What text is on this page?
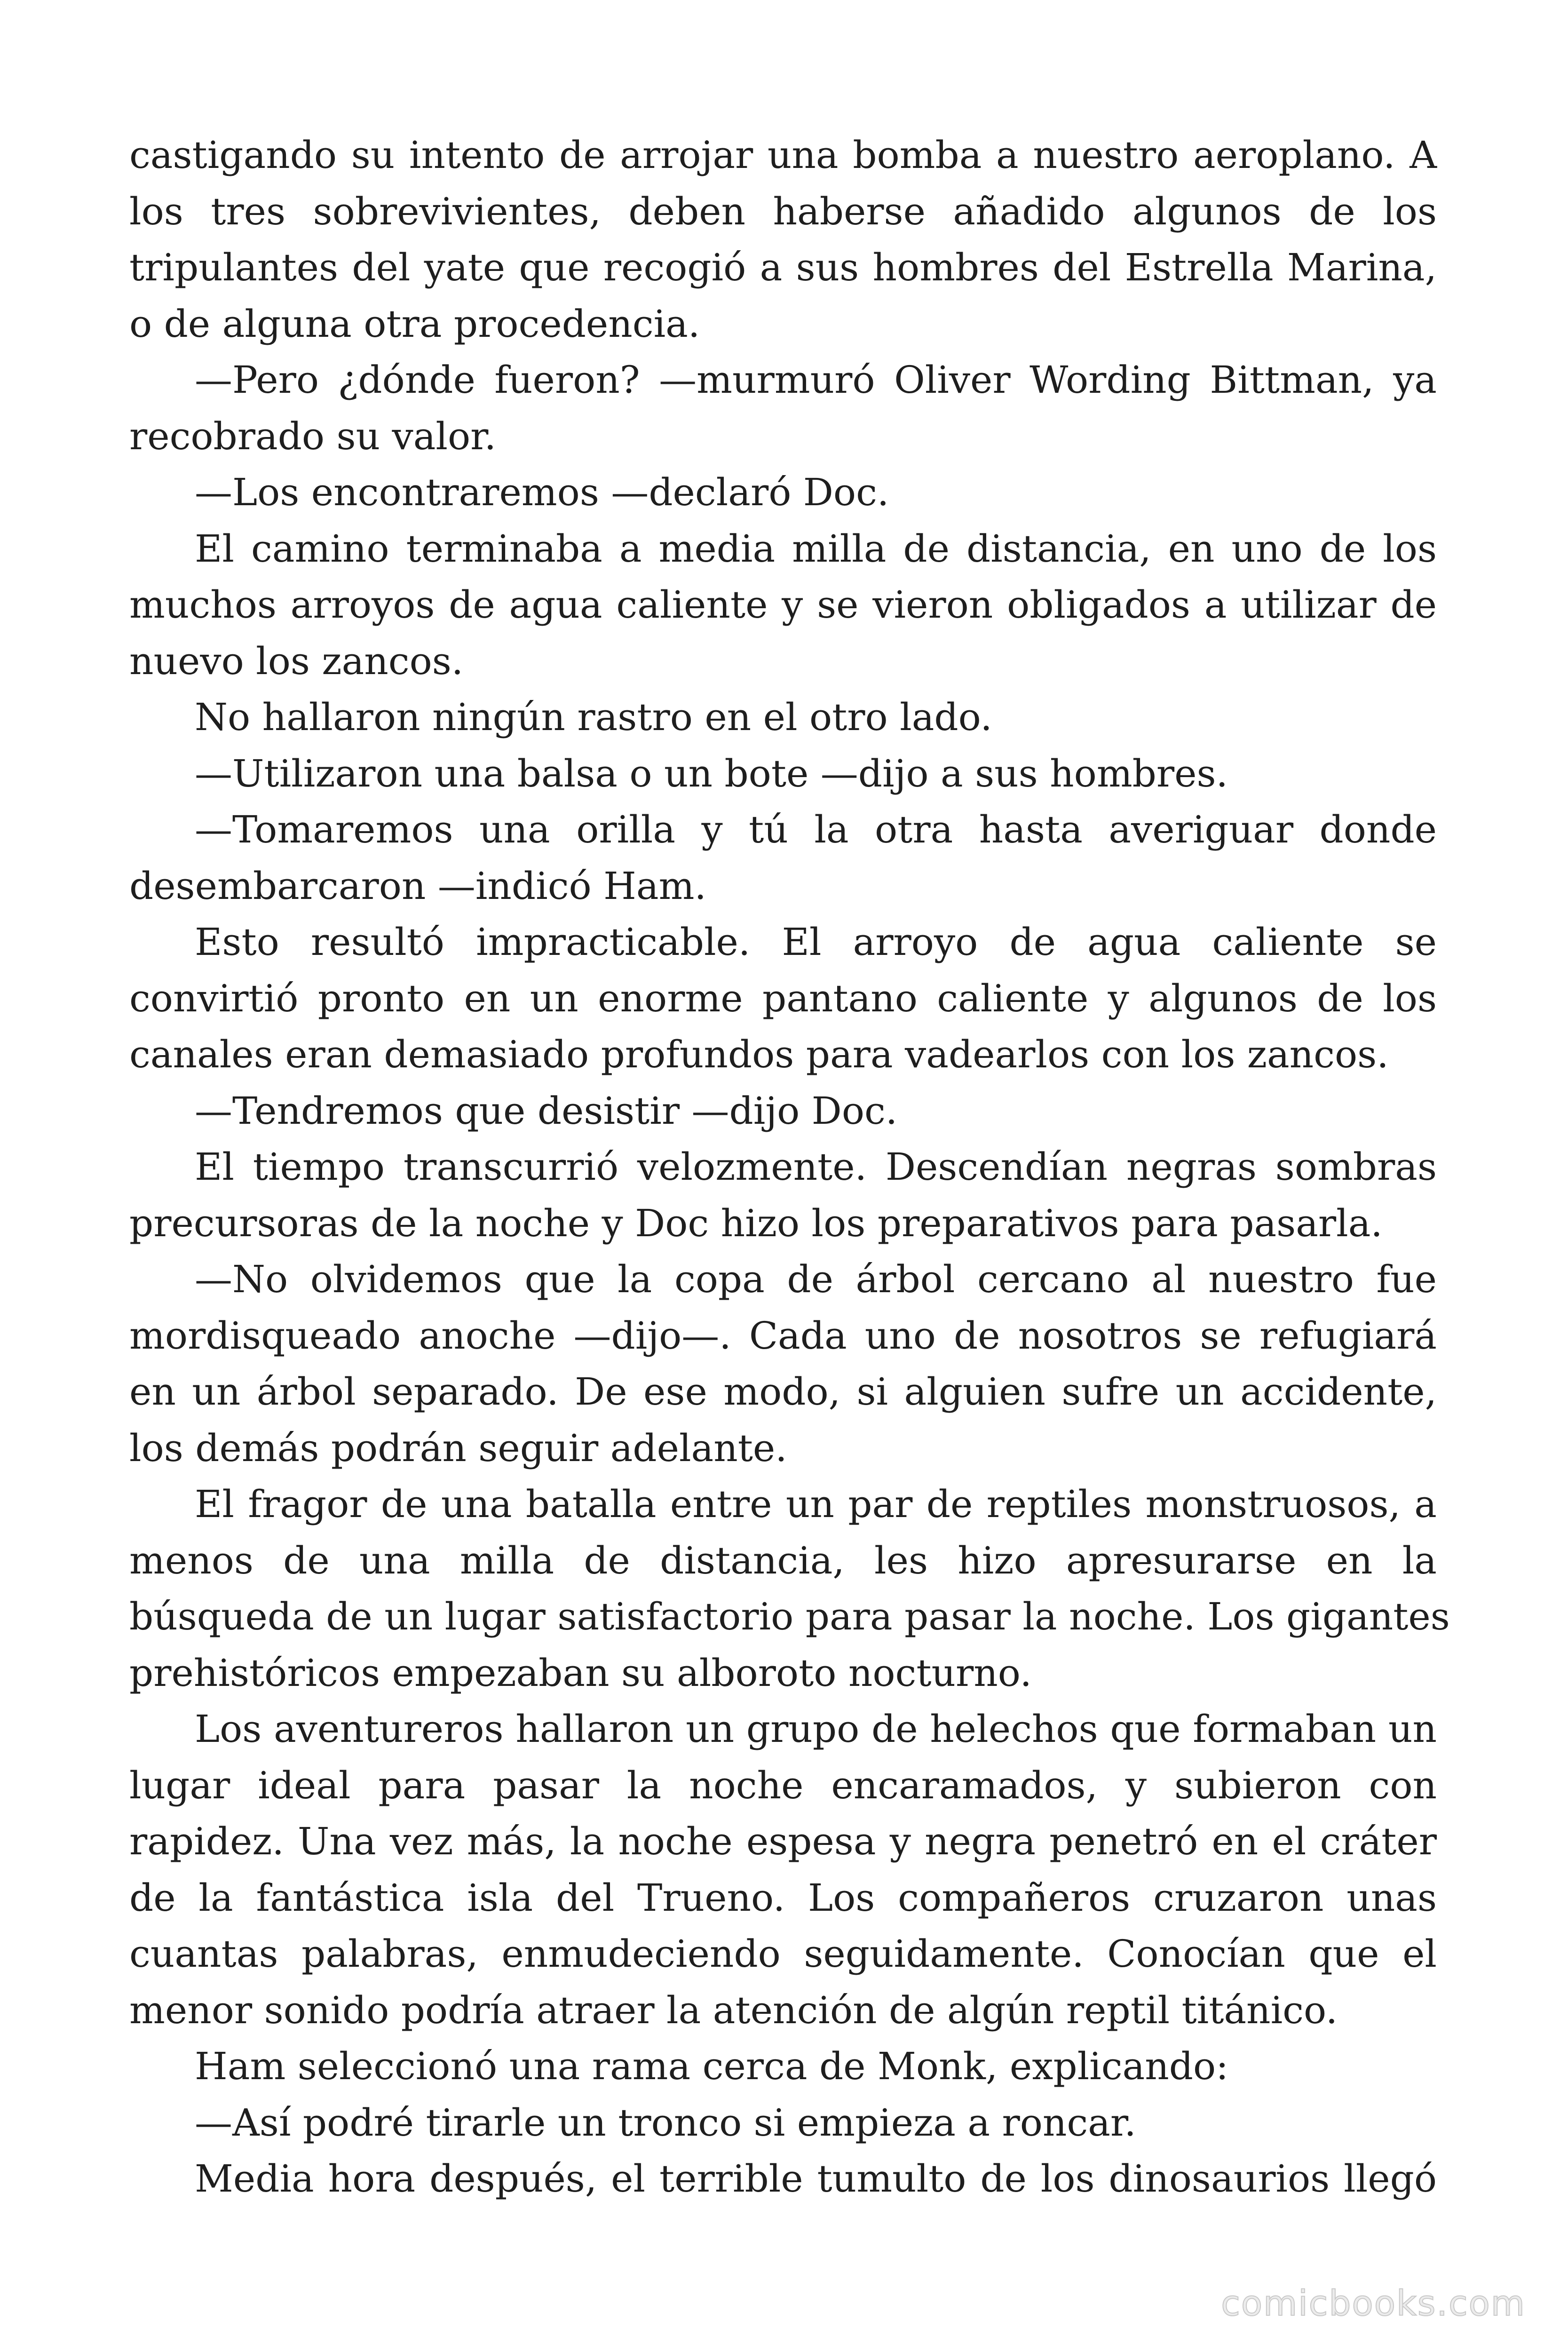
castigando su intento de arrojar una bomba a nuestro aeroplano. A
los tres sobrevivientes, deben haberse añadido algunos de los
tripulantes del yate que recogió a sus hombres del Estrella Marina,
o de alguna otra procedencia.
—Pero ¿dónde fueron? —murmuró Oliver Wording Bittman, ya
recobrado su valor.
—Los encontraremos —declaró Doc.
El camino terminaba a media milla de distancia, en uno de los
muchos arroyos de agua caliente y se vieron obligados a utilizar de
nuevo los zancos.
No hallaron ningún rastro en el otro lado.
—Utilizaron una balsa o un bote —dijo a sus hombres.
—Tomaremos una orilla y tú la otra hasta averiguar donde
desembarcaron —indicó Ham.
Esto resultó impracticable. El arroyo de agua caliente se
convirtió pronto en un enorme pantano caliente y algunos de los
canales eran demasiado profundos para vadearlos con los zancos.
—Tendremos que desistir —dijo Doc.
El tiempo transcurrió velozmente. Descendían negras sombras
precursoras de la noche y Doc hizo los preparativos para pasarla.
—No olvidemos que la copa de árbol cercano al nuestro fue
mordisqueado anoche —dijo—. Cada uno de nosotros se refugiará
en un árbol separado. De ese modo, si alguien sufre un accidente,
los demás podrán seguir adelante.
El fragor de una batalla entre un par de reptiles monstruosos, a
menos de una milla de distancia, les hizo apresurarse en la
búsqueda de un lugar satisfactorio para pasar la noche. Los gigantes
prehistóricos empezaban su alboroto nocturno.
Los aventureros hallaron un grupo de helechos que formaban un
lugar ideal para pasar la noche encaramados, y subieron con
rapidez. Una vez más, la noche espesa y negra penetró en el cráter
de la fantástica isla del Trueno. Los compañeros cruzaron unas
cuantas palabras, enmudeciendo seguidamente. Conocían que el
menor sonido podría atraer la atención de algún reptil titánico.
Ham seleccionó una rama cerca de Monk, explicando:
—Así podré tirarle un tronco si empieza a roncar.
Media hora después, el terrible tumulto de los dinosaurios llegó
comicbooks.com
